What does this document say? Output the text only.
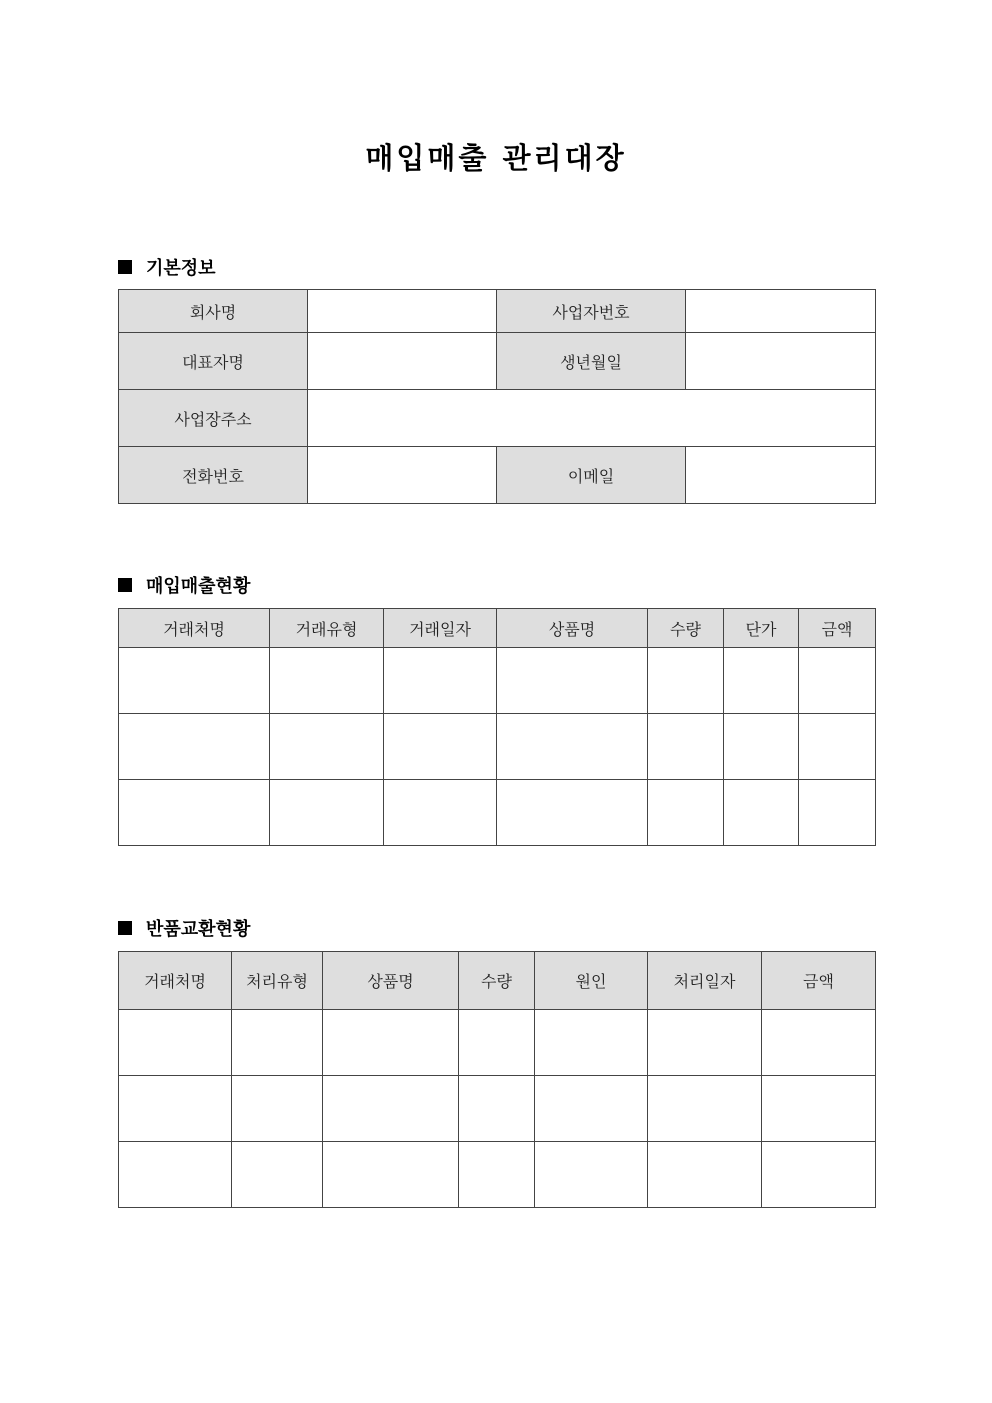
매입매출 관리대장
기본정보
회사명		사업자번호	
대표자명		생년월일	
사업장주소			
전화번호		이메일	
매입매출현황
거래처명	거래유형	거래일자	상품명	수량	단가	금액

반품교환현황
거래처명	처리유형	상품명	수량	원인	처리일자	금액
